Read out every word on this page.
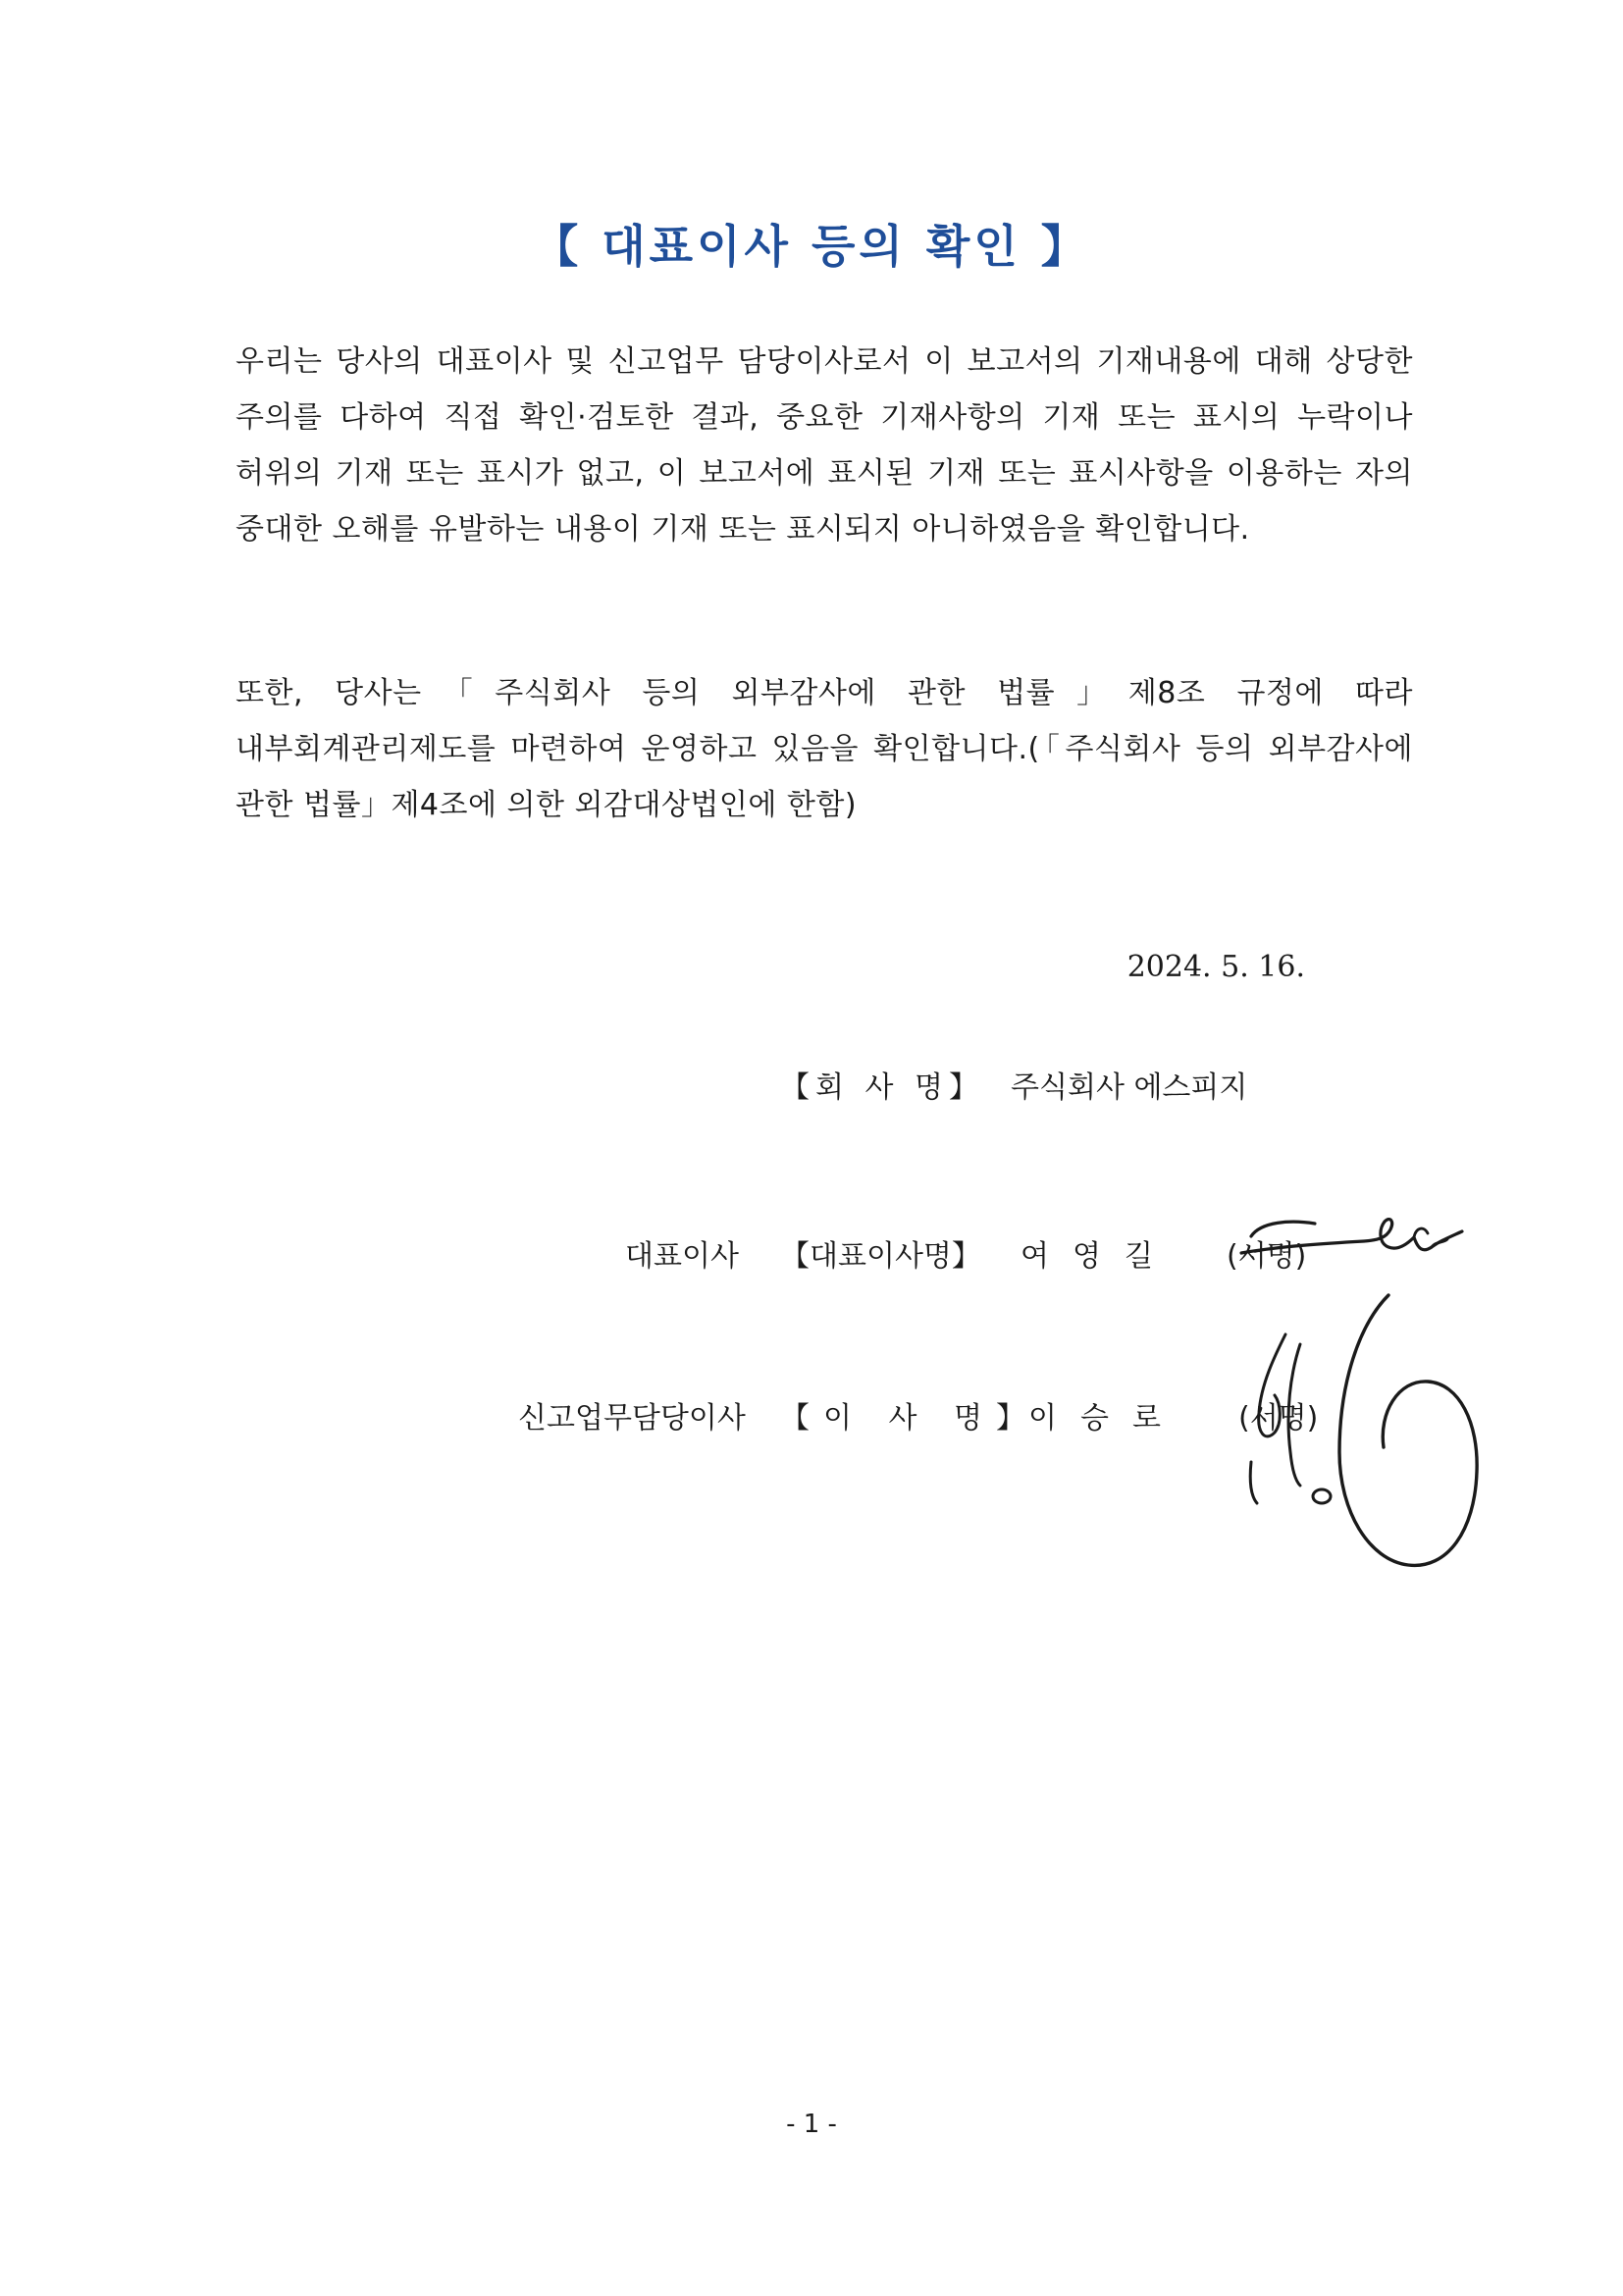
【 대표이사 등의 확인 】
우리는 당사의 대표이사 및 신고업무 담당이사로서 이 보고서의 기재내용에 대해 상당한 주의를 다하여 직접 확인·검토한 결과, 중요한 기재사항의 기재 또는 표시의 누락이나 허위의 기재 또는 표시가 없고, 이 보고서에 표시된 기재 또는 표시사항을 이용하는 자의 중대한 오해를 유발하는 내용이 기재 또는 표시되지 아니하였음을 확인합니다.
또한, 당사는「주식회사 등의 외부감사에 관한 법률」제8조 규정에 따라 내부회계관리제도를 마련하여 운영하고 있음을 확인합니다.(「주식회사 등의 외부감사에 관한 법률」제4조에 의한 외감대상법인에 한함)
2024. 5. 16.
【회 사 명】 주식회사 에스피지
대표이사 【대표이사명】 여영길 (서명)
신고업무담당이사 【이 사 명】
이승로 (서명)
- 1 -
